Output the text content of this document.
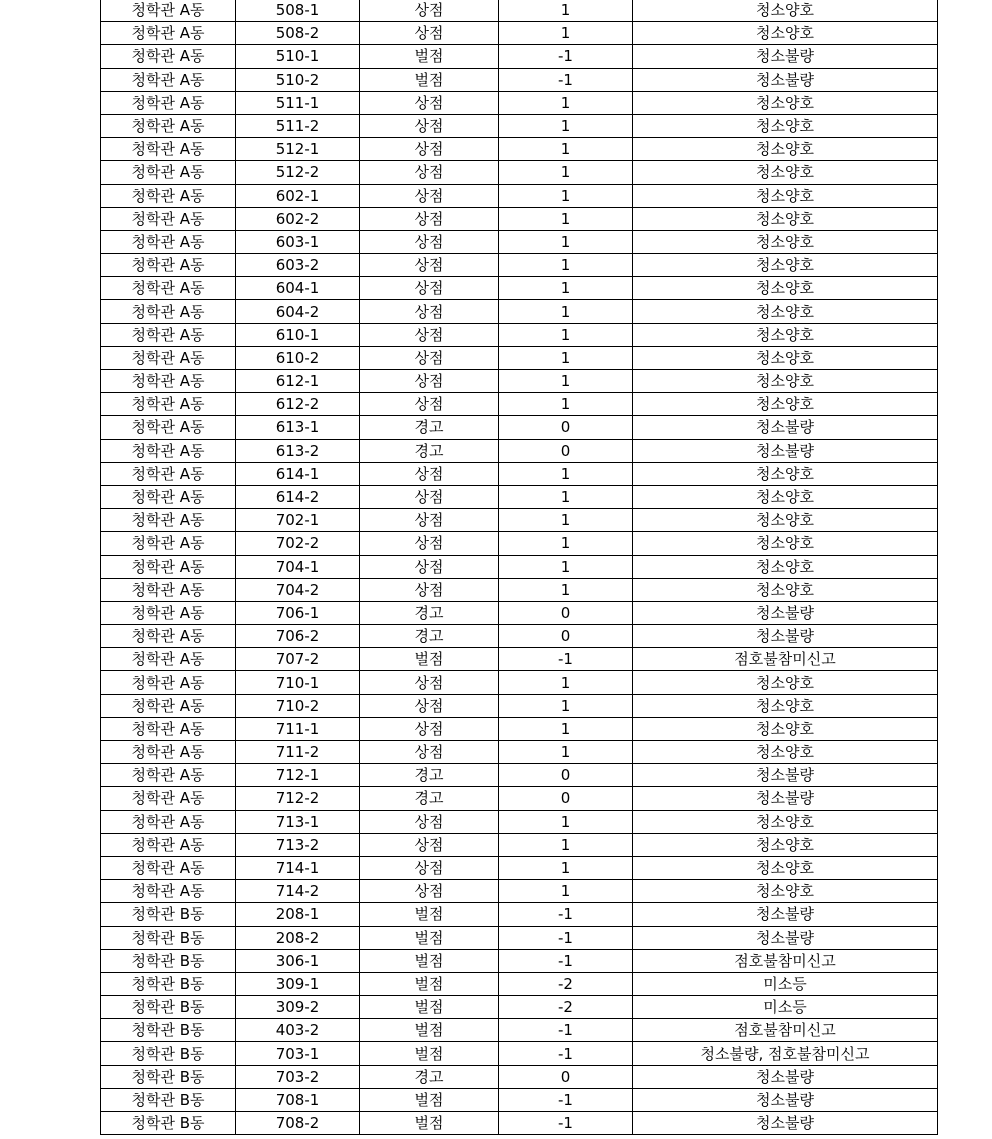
청학관 A동	508-1	상점	1	청소양호
청학관 A동	508-2	상점	1	청소양호
청학관 A동	510-1	벌점	-1	청소불량
청학관 A동	510-2	벌점	-1	청소불량
청학관 A동	511-1	상점	1	청소양호
청학관 A동	511-2	상점	1	청소양호
청학관 A동	512-1	상점	1	청소양호
청학관 A동	512-2	상점	1	청소양호
청학관 A동	602-1	상점	1	청소양호
청학관 A동	602-2	상점	1	청소양호
청학관 A동	603-1	상점	1	청소양호
청학관 A동	603-2	상점	1	청소양호
청학관 A동	604-1	상점	1	청소양호
청학관 A동	604-2	상점	1	청소양호
청학관 A동	610-1	상점	1	청소양호
청학관 A동	610-2	상점	1	청소양호
청학관 A동	612-1	상점	1	청소양호
청학관 A동	612-2	상점	1	청소양호
청학관 A동	613-1	경고	0	청소불량
청학관 A동	613-2	경고	0	청소불량
청학관 A동	614-1	상점	1	청소양호
청학관 A동	614-2	상점	1	청소양호
청학관 A동	702-1	상점	1	청소양호
청학관 A동	702-2	상점	1	청소양호
청학관 A동	704-1	상점	1	청소양호
청학관 A동	704-2	상점	1	청소양호
청학관 A동	706-1	경고	0	청소불량
청학관 A동	706-2	경고	0	청소불량
청학관 A동	707-2	벌점	-1	점호불참미신고
청학관 A동	710-1	상점	1	청소양호
청학관 A동	710-2	상점	1	청소양호
청학관 A동	711-1	상점	1	청소양호
청학관 A동	711-2	상점	1	청소양호
청학관 A동	712-1	경고	0	청소불량
청학관 A동	712-2	경고	0	청소불량
청학관 A동	713-1	상점	1	청소양호
청학관 A동	713-2	상점	1	청소양호
청학관 A동	714-1	상점	1	청소양호
청학관 A동	714-2	상점	1	청소양호
청학관 B동	208-1	벌점	-1	청소불량
청학관 B동	208-2	벌점	-1	청소불량
청학관 B동	306-1	벌점	-1	점호불참미신고
청학관 B동	309-1	벌점	-2	미소등
청학관 B동	309-2	벌점	-2	미소등
청학관 B동	403-2	벌점	-1	점호불참미신고
청학관 B동	703-1	벌점	-1	청소불량, 점호불참미신고
청학관 B동	703-2	경고	0	청소불량
청학관 B동	708-1	벌점	-1	청소불량
청학관 B동	708-2	벌점	-1	청소불량
